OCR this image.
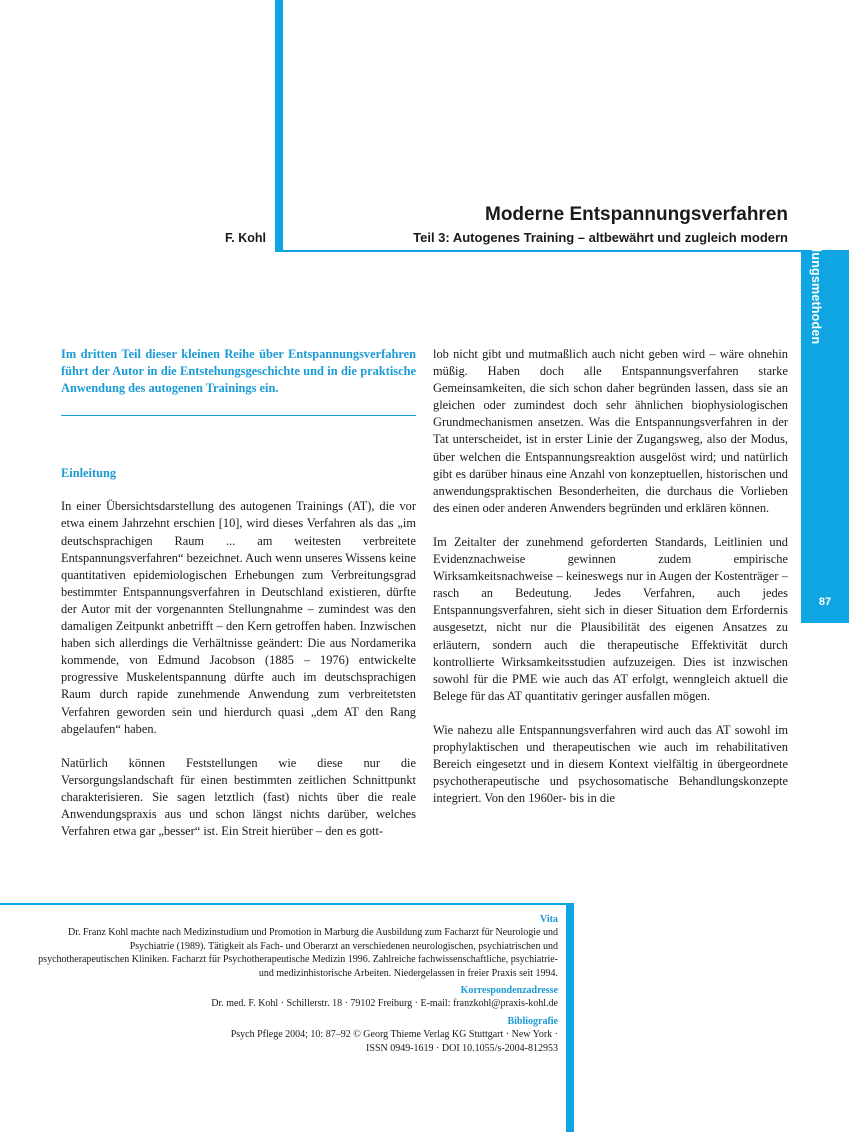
F. Kohl
Moderne Entspannungsverfahren
Teil 3: Autogenes Training – altbewährt und zugleich modern Behandlungsmethoden
87

Im dritten Teil dieser kleinen Reihe über Entspannungsverfahren führt der Autor in die Entstehungsgeschichte und in die praktische Anwendung des autogenen Trainings ein.

Einleitung

In einer Übersichtsdarstellung des autogenen Trainings (AT), die vor etwa einem Jahrzehnt erschien [10], wird dieses Verfahren als das „im deutschsprachigen Raum ... am weitesten verbreitete Entspannungsverfahren“ bezeichnet. Auch wenn unseres Wissens keine quantitativen epidemiologischen Erhebungen zum Verbreitungsgrad bestimmter Entspannungsverfahren in Deutschland existieren, dürfte der Autor mit der vorgenannten Stellungnahme – zumindest was den damaligen Zeitpunkt anbetrifft – den Kern getroffen haben. Inzwischen haben sich allerdings die Verhältnisse geändert: Die aus Nordamerika kommende, von Edmund Jacobson (1885 – 1976) entwickelte progressive Muskelentspannung dürfte auch im deutschsprachigen Raum durch rapide zunehmende Anwendung zum verbreitetsten Verfahren geworden sein und hierdurch quasi „dem AT den Rang abgelaufen“ haben.

Natürlich können Feststellungen wie diese nur die Versorgungslandschaft für einen bestimmten zeitlichen Schnittpunkt charakterisieren. Sie sagen letztlich (fast) nichts über die reale Anwendungspraxis aus und schon längst nichts darüber, welches Verfahren etwa gar „besser“ ist. Ein Streit hierüber – den es gott-

lob nicht gibt und mutmaßlich auch nicht geben wird – wäre ohnehin müßig. Haben doch alle Entspannungsverfahren starke Gemeinsamkeiten, die sich schon daher begründen lassen, dass sie an gleichen oder zumindest doch sehr ähnlichen biophysiologischen Grundmechanismen ansetzen. Was die Entspannungsverfahren in der Tat unterscheidet, ist in erster Linie der Zugangsweg, also der Modus, über welchen die Entspannungsreaktion ausgelöst wird; und natürlich gibt es darüber hinaus eine Anzahl von konzeptuellen, historischen und anwendungspraktischen Besonderheiten, die durchaus die Vorlieben des einen oder anderen Anwenders begründen und erklären können.

Im Zeitalter der zunehmend geforderten Standards, Leitlinien und Evidenznachweise gewinnen zudem empirische Wirksamkeitsnachweise – keineswegs nur in Augen der Kostenträger – rasch an Bedeutung. Jedes Verfahren, auch jedes Entspannungsverfahren, sieht sich in dieser Situation dem Erfordernis ausgesetzt, nicht nur die Plausibilität des eigenen Ansatzes zu erläutern, sondern auch die therapeutische Effektivität durch kontrollierte Wirksamkeitsstudien aufzuzeigen. Dies ist inzwischen sowohl für die PME wie auch das AT erfolgt, wenngleich aktuell die Belege für das AT quantitativ geringer ausfallen mögen.

Wie nahezu alle Entspannungsverfahren wird auch das AT sowohl im prophylaktischen und therapeutischen wie auch im rehabilitativen Bereich eingesetzt und in diesem Kontext vielfältig in übergeordnete psychotherapeutische und psychosomatische Behandlungskonzepte integriert. Von den 1960er- bis in die

Vita
Dr. Franz Kohl machte nach Medizinstudium und Promotion in Marburg die Ausbildung zum Facharzt für Neurologie und Psychiatrie (1989). Tätigkeit als Fach- und Oberarzt an verschiedenen neurologischen, psychiatrischen und psychotherapeutischen Kliniken. Facharzt für Psychotherapeutische Medizin 1996. Zahlreiche fachwissenschaftliche, psychiatrie- und medizinhistorische Arbeiten. Niedergelassen in freier Praxis seit 1994.
Korrespondenzadresse
Dr. med. F. Kohl · Schillerstr. 18 · 79102 Freiburg · E-mail: franzkohl@praxis-kohl.de
Bibliografie
Psych Pflege 2004; 10: 87–92 © Georg Thieme Verlag KG Stuttgart · New York ·
ISSN 0949-1619 · DOI 10.1055/s-2004-812953
